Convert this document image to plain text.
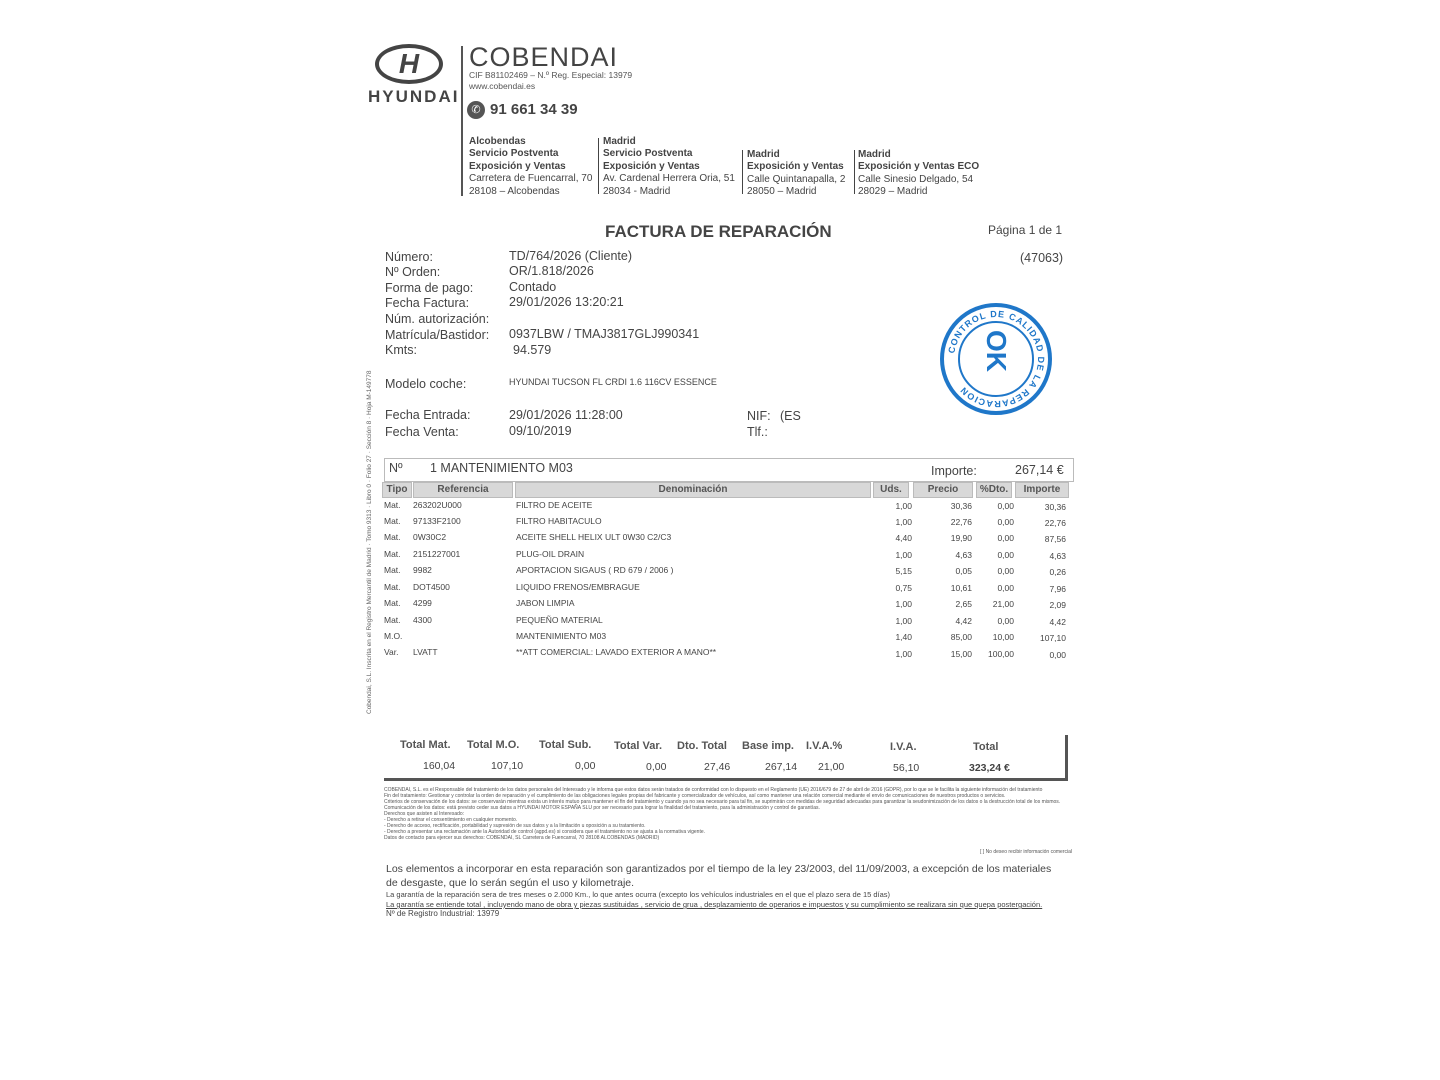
H
HYUNDAI
COBENDAI
CIF B81102469 – N.º Reg. Especial: 13979
www.cobendai.es
✆ 91 661 34 39
Alcobendas
Servicio Postventa
Exposición y Ventas
Carretera de Fuencarral, 70
28108 – Alcobendas
Madrid
Servicio Postventa
Exposición y Ventas
Av. Cardenal Herrera Oria, 51
28034 - Madrid
Madrid
Exposición y Ventas
Calle Quintanapalla, 2
28050 – Madrid
Madrid
Exposición y Ventas ECO
Calle Sinesio Delgado, 54
28029 – Madrid
FACTURA DE REPARACIÓN	Página 1 de 1
(47063)
Número:	TD/764/2026 (Cliente)
Nº Orden:	OR/1.818/2026
Forma de pago:	Contado
Fecha Factura:	29/01/2026 13:20:21
Núm. autorización:
Matrícula/Bastidor: 0937LBW / TMAJ3817GLJ990341
Kmts:	94.579
Modelo coche:	HYUNDAI TUCSON FL CRDI 1.6 116CV ESSENCE
Fecha Entrada:	29/01/2026 11:28:00
Fecha Venta:	09/10/2019
NIF: (ES
Tlf.:
CONTROL DE CALIDAD DE LA REPARACION
OK
Nº 1 MANTENIMIENTO M03	Importe:	267,14 €
Tipo	Referencia	Denominación	Uds.	Precio	%Dto.	Importe
Mat. 263202U000	FILTRO DE ACEITE	1,00	30,36	0,00	30,36
Mat. 97133F2100	FILTRO HABITACULO	1,00	22,76	0,00	22,76
Mat. 0W30C2	ACEITE SHELL HELIX ULT 0W30 C2/C3	4,40	19,90	0,00	87,56
Mat. 2151227001	PLUG-OIL DRAIN	1,00	4,63	0,00	4,63
Mat. 9982	APORTACION SIGAUS ( RD 679 / 2006 )	5,15	0,05	0,00	0,26
Mat. DOT4500	LIQUIDO FRENOS/EMBRAGUE	0,75	10,61	0,00	7,96
Mat. 4299	JABON LIMPIA	1,00	2,65 21,00	2,09
Mat. 4300	PEQUEÑO MATERIAL	1,00	4,42	0,00	4,42
M.O.	MANTENIMIENTO M03	1,40	85,00 10,00	107,10
Var. LVATT	**ATT COMERCIAL: LAVADO EXTERIOR A MANO**	1,00	15,00 100,00	0,00
Total Mat. Total M.O. Total Sub. Total Var. Dto. Total Base imp. I.V.A.%	I.V.A.	Total
160,04	107,10	0,00	0,00	27,46	267,14 21,00	56,10	323,24 €
COBENDAI, S.L. es el Responsable del tratamiento de los datos personales del Interesado y le informa que estos datos serán tratados de conformidad con lo dispuesto en el Reglamento (UE) 2016/679 de 27 de abril de 2016 (GDPR), por lo que se le facilita la siguiente información del tratamiento
Fin del tratamiento: Gestionar y controlar la orden de reparación y el cumplimiento de las obligaciones legales propias del fabricante y comercializador de vehículos, así como mantener una relación comercial mediante el envío de comunicaciones de nuestros productos o servicios.
Criterios de conservación de los datos: se conservarán mientras exista un interés mutuo para mantener el fin del tratamiento y cuando ya no sea necesario para tal fin, se suprimirán con medidas de seguridad adecuadas para garantizar la seudonimización de los datos o la destrucción total de los mismos.
Comunicación de los datos: está previsto ceder sus datos a HYUNDAI MOTOR ESPAÑA SLU por ser necesario para lograr la finalidad del tratamiento, para la administración y control de garantías.
Derechos que asisten al Interesado:
- Derecho a retirar el consentimiento en cualquier momento.
- Derecho de acceso, rectificación, portabilidad y supresión de sus datos y a la limitación u oposición a su tratamiento.
- Derecho a presentar una reclamación ante la Autoridad de control (agpd.es) si considera que el tratamiento no se ajusta a la normativa vigente.
Datos de contacto para ejercer sus derechos: COBENDAI, SL Carretera de Fuencarral, 70 28108 ALCOBENDAS (MADRID)
[ ] No deseo recibir información comercial
Los elementos a incorporar en esta reparación son garantizados por el tiempo de la ley 23/2003, del 11/09/2003, a excepción de los materiales
de desgaste, que lo serán según el uso y kilometraje.
La garantía de la reparación sera de tres meses o 2.000 Km., lo que antes ocurra (excepto los vehículos industriales en el que el plazo sera de 15 días)
La garantía se entiende total , incluyendo mano de obra y piezas sustituidas , servicio de grua , desplazamiento de operarios e impuestos y su cumplimiento se realizara sin que quepa postergación.
Nº de Registro Industrial: 13979
Cobendai, S.L. Inscrita en el Registro Mercantil de Madrid · Tomo 9313 · Libro 0 · Folio 27 · Sección 8 · Hoja M-149778
